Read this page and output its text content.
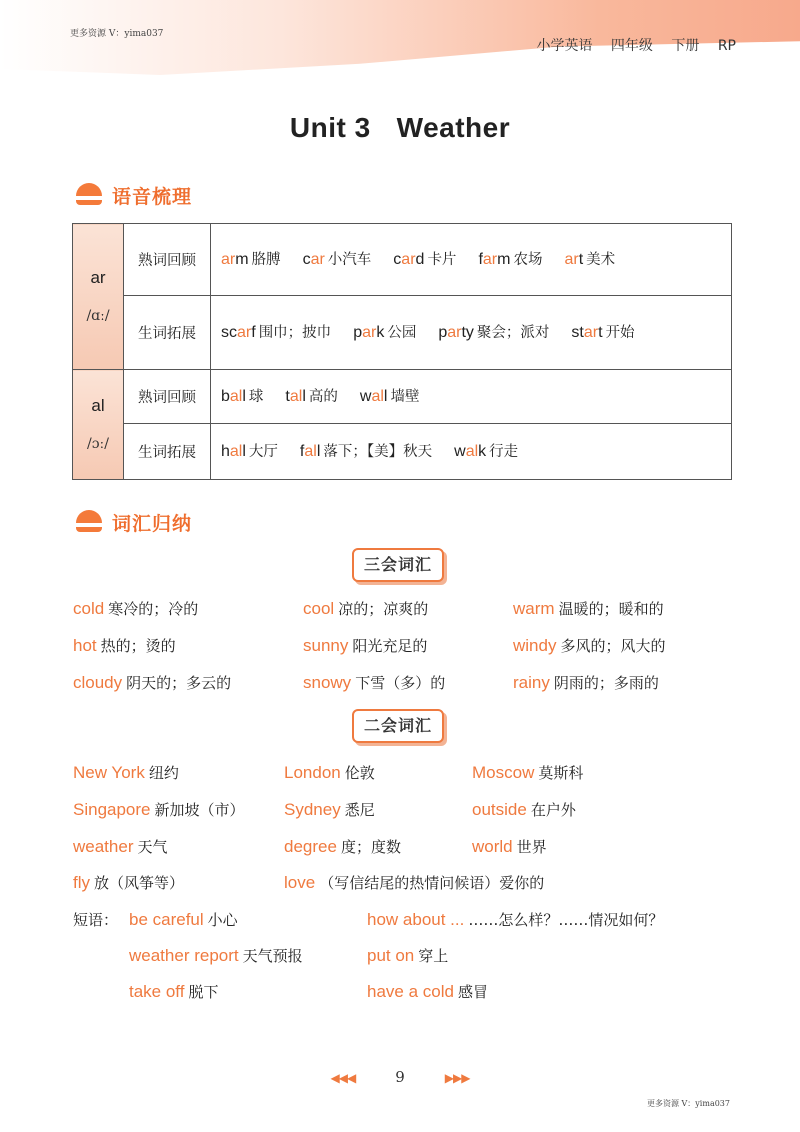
更多资源 V：yima037
小学英语 四年级 下册 RP
Unit 3 Weather
语音梳理
ar
/ɑː/	熟词回顾	arm 胳膊 car 小汽车 card 卡片 farm 农场 art 美术
	生词拓展	scarf 围巾；披巾 park 公园 party 聚会；派对 start 开始

al
/ɔː/	熟词回顾	ball 球 tall 高的 wall 墙壁
	生词拓展	hall 大厅 fall 落下；【美】秋天 walk 行走
词汇归纳
三会词汇
cold 寒冷的；冷的	cool 凉的；凉爽的	warm 温暖的；暖和的
hot 热的；烫的	sunny 阳光充足的	windy 多风的；风大的
cloudy 阴天的；多云的	snowy 下雪（多）的	rainy 阴雨的；多雨的
二会词汇
New York 纽约	London 伦敦	Moscow 莫斯科
Singapore 新加坡（市） Sydney 悉尼	outside 在户外
weather 天气	degree 度；度数	world 世界
fly 放（风筝等）	love （写信结尾的热情问候语）爱你的
短语： be careful 小心	how about ... ……怎么样？……情况如何？
weather report 天气预报	put on 穿上
take off 脱下	have a cold 感冒
◀◀◀	9	▶▶▶
更多资源 V：yima037
